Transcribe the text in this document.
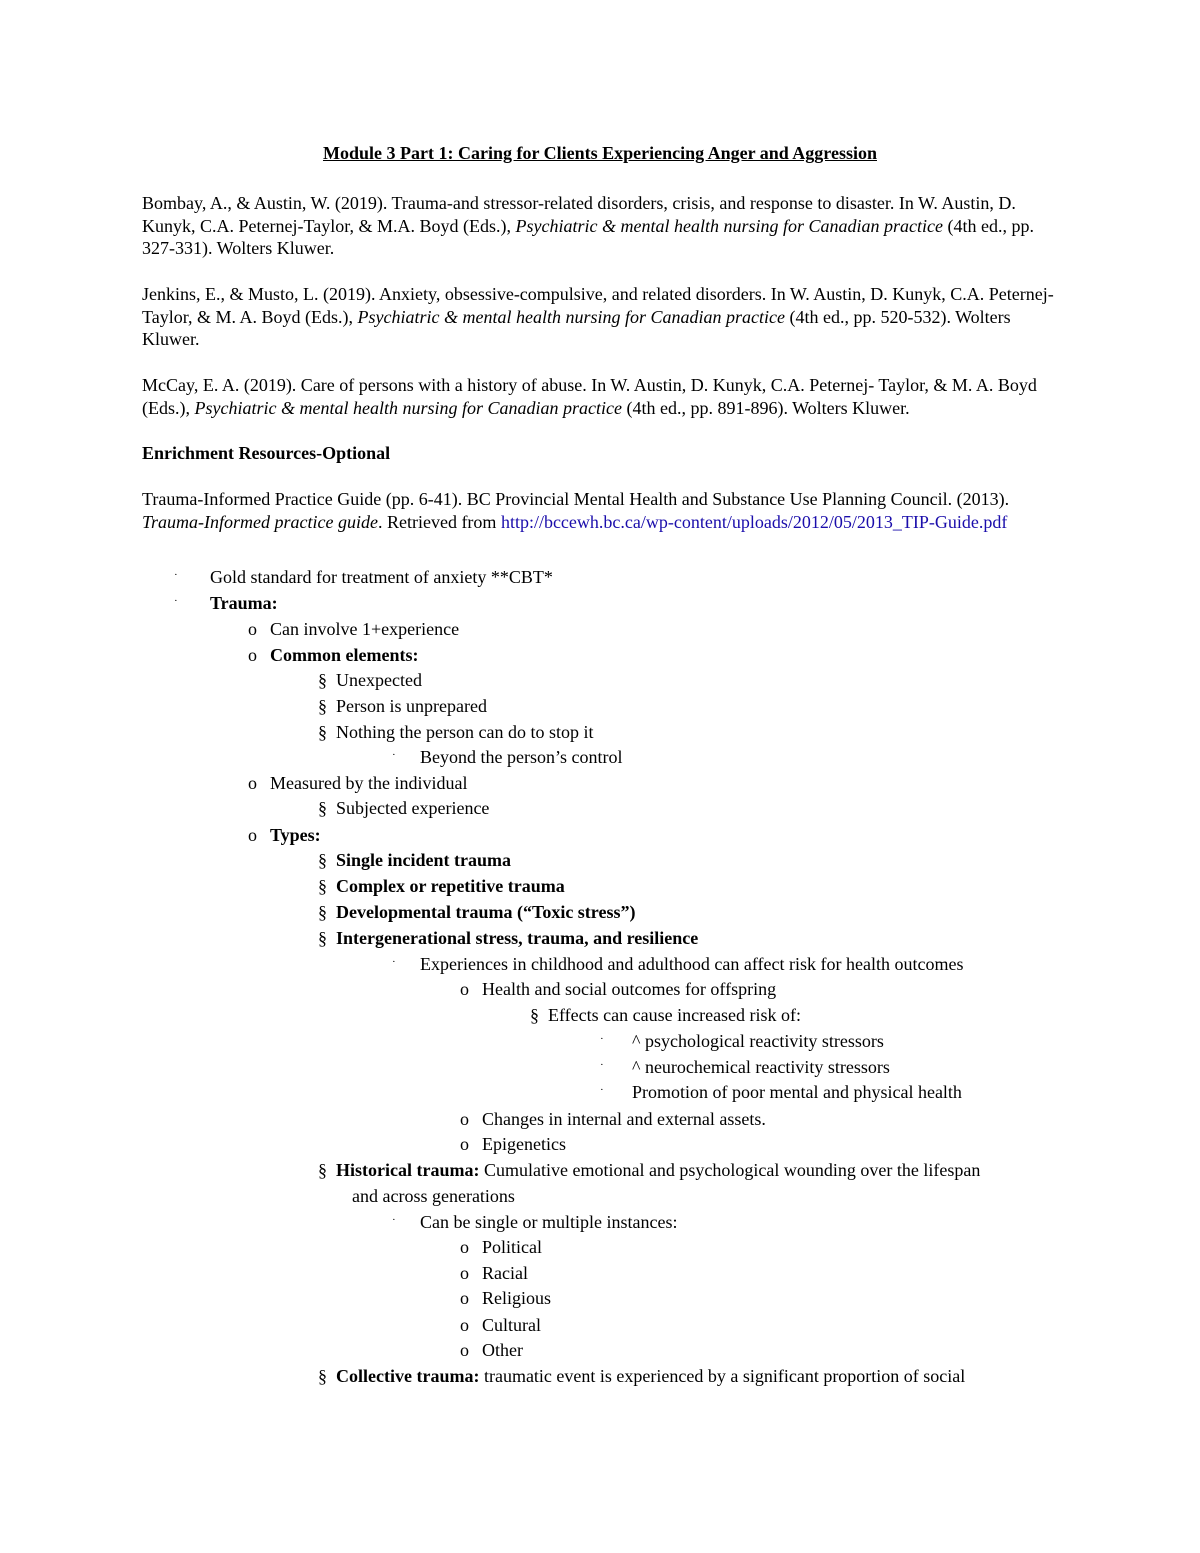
Module 3 Part 1: Caring for Clients Experiencing Anger and Aggression
Bombay, A., & Austin, W. (2019). Trauma-and stressor-related disorders, crisis, and response to disaster. In W. Austin, D. Kunyk, C.A. Peternej-Taylor, & M.A. Boyd (Eds.), Psychiatric & mental health nursing for Canadian practice (4th ed., pp. 327-331). Wolters Kluwer.
Jenkins, E., & Musto, L. (2019). Anxiety, obsessive-compulsive, and related disorders. In W. Austin, D. Kunyk, C.A. Peternej-Taylor, & M. A. Boyd (Eds.), Psychiatric & mental health nursing for Canadian practice (4th ed., pp. 520-532). Wolters Kluwer.
McCay, E. A. (2019). Care of persons with a history of abuse. In W. Austin, D. Kunyk, C.A. Peternej- Taylor, & M. A. Boyd (Eds.), Psychiatric & mental health nursing for Canadian practice (4th ed., pp. 891-896). Wolters Kluwer.
Enrichment Resources-Optional
Trauma-Informed Practice Guide (pp. 6-41). BC Provincial Mental Health and Substance Use Planning Council. (2013). Trauma-Informed practice guide. Retrieved from http://bccewh.bc.ca/wp-content/uploads/2012/05/2013_TIP-Guide.pdf
· Gold standard for treatment of anxiety **CBT*
· Trauma:
o Can involve 1+experience
o Common elements:
§ Unexpected
§ Person is unprepared
§ Nothing the person can do to stop it
· Beyond the person’s control
o Measured by the individual
§ Subjected experience
o Types:
§ Single incident trauma
§ Complex or repetitive trauma
§ Developmental trauma (“Toxic stress”)
§ Intergenerational stress, trauma, and resilience
· Experiences in childhood and adulthood can affect risk for health outcomes
o Health and social outcomes for offspring
§ Effects can cause increased risk of:
· ^ psychological reactivity stressors
· ^ neurochemical reactivity stressors
· Promotion of poor mental and physical health
o Changes in internal and external assets.
o Epigenetics
§ Historical trauma: Cumulative emotional and psychological wounding over the lifespan
and across generations
· Can be single or multiple instances:
o Political
o Racial
o Religious
o Cultural
o Other
§ Collective trauma: traumatic event is experienced by a significant proportion of social
